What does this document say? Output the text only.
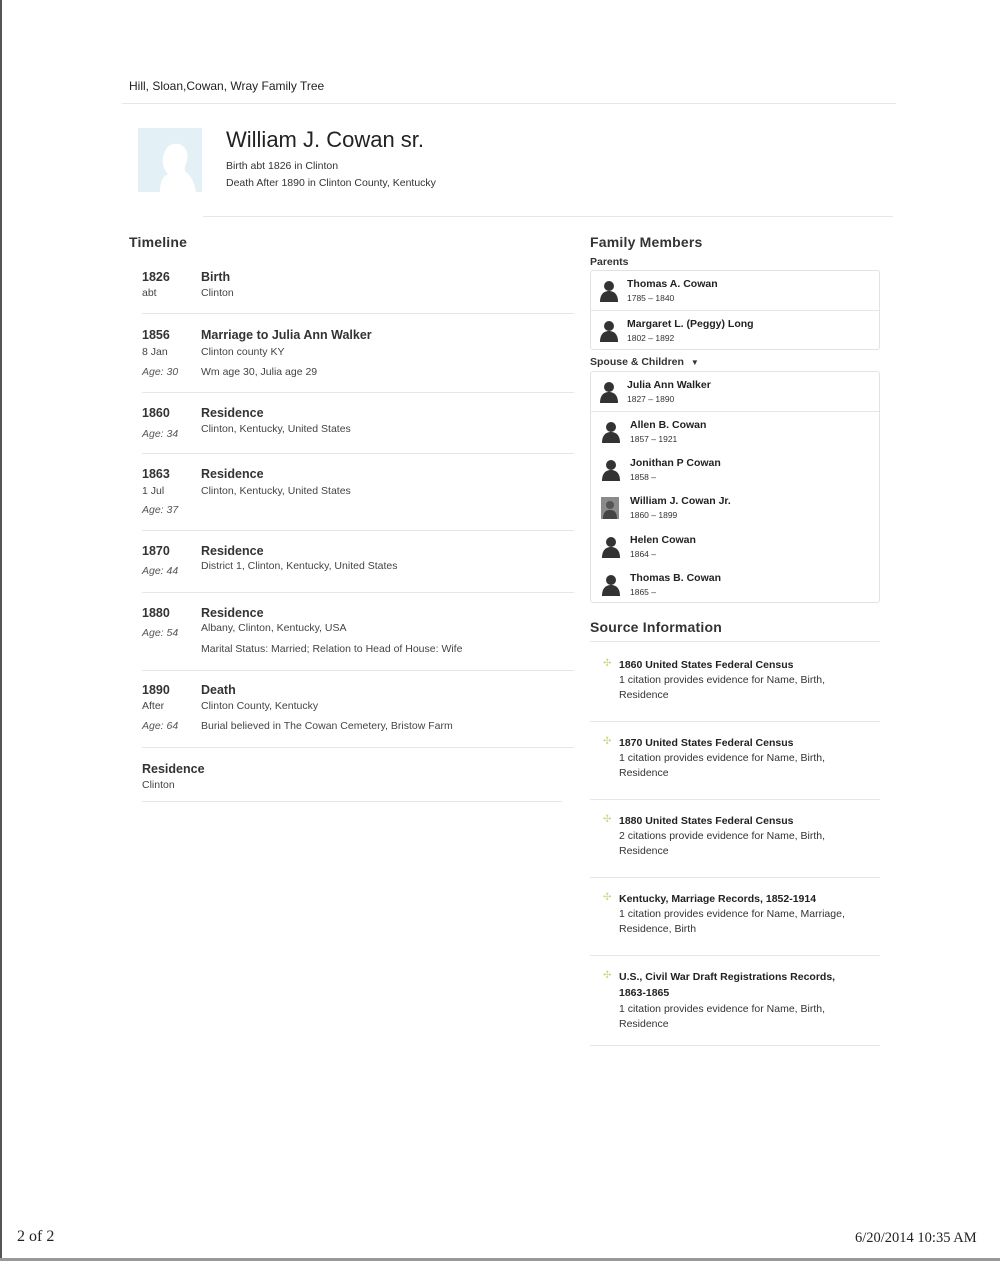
Hill, Sloan,Cowan, Wray Family Tree
William J. Cowan sr.
Birth abt 1826 in Clinton
Death After 1890 in Clinton County, Kentucky
Timeline
1826
abt
Birth
Clinton
1856
8 Jan
Age: 30
Marriage to Julia Ann Walker
Clinton county KY
Wm age 30, Julia age 29
1860
Age: 34
Residence
Clinton, Kentucky, United States
1863
1 Jul
Age: 37
Residence
Clinton, Kentucky, United States
1870
Age: 44
Residence
District 1, Clinton, Kentucky, United States
1880
Age: 54
Residence
Albany, Clinton, Kentucky, USA
Marital Status: Married; Relation to Head of House: Wife
1890
After
Age: 64
Death
Clinton County, Kentucky
Burial believed in The Cowan Cemetery, Bristow Farm
Residence
Clinton
Family Members
Parents
Thomas A. Cowan
1785 – 1840
Margaret L. (Peggy) Long
1802 – 1892
Spouse & Children ▼
Julia Ann Walker
1827 – 1890
Allen B. Cowan
1857 – 1921
Jonithan P Cowan
1858 –
William J. Cowan Jr.
1860 – 1899
Helen Cowan
1864 –
Thomas B. Cowan
1865 –
Source Information
✣ 1860 United States Federal Census
1 citation provides evidence for Name, Birth,
Residence
✣ 1870 United States Federal Census
1 citation provides evidence for Name, Birth,
Residence
✣ 1880 United States Federal Census
2 citations provide evidence for Name, Birth,
Residence
✣ Kentucky, Marriage Records, 1852-1914
1 citation provides evidence for Name, Marriage,
Residence, Birth
✣ U.S., Civil War Draft Registrations Records, 1863-1865
1 citation provides evidence for Name, Birth,
Residence
2 of 2	6/20/2014 10:35 AM
